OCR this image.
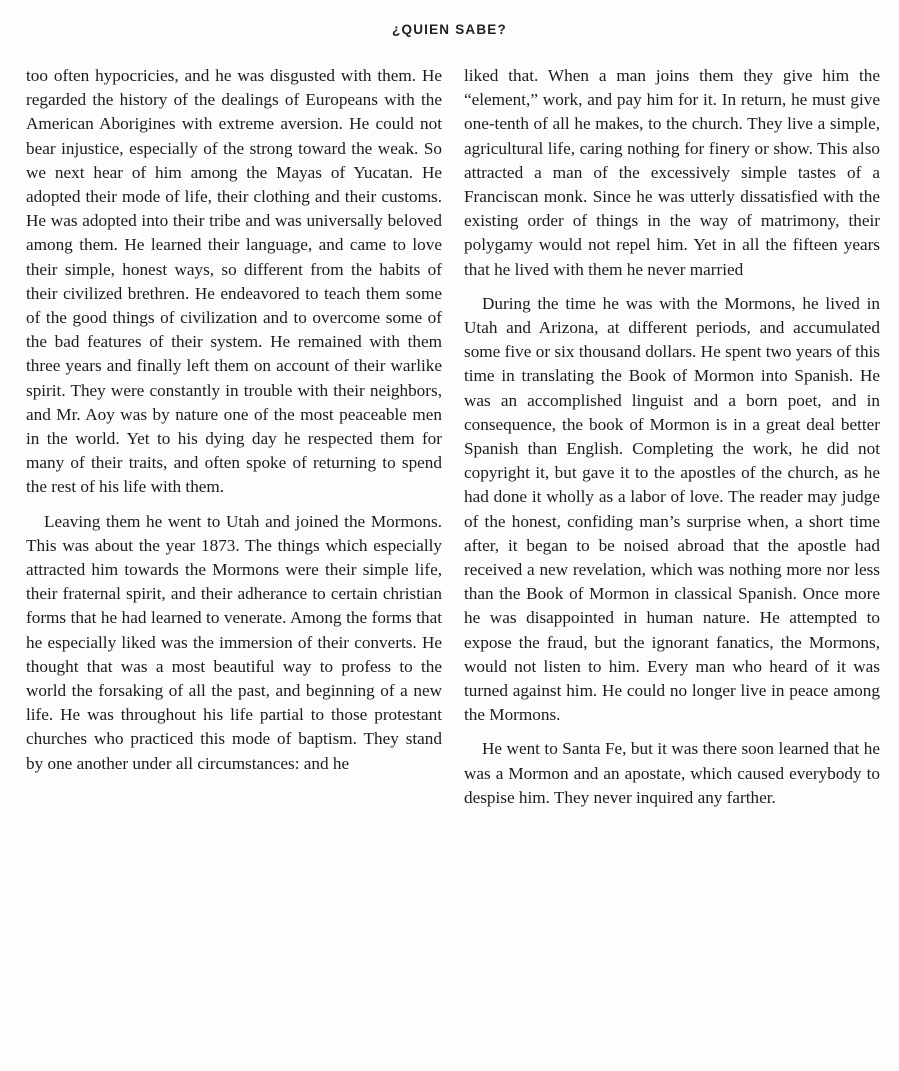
¿QUIEN SABE?

too often hypocricies, and he was disgusted with them. He regarded the history of the dealings of Europeans with the American Aborigines with extreme aversion. He could not bear injustice, especially of the strong toward the weak. So we next hear of him among the Mayas of Yucatan. He adopted their mode of life, their clothing and their customs. He was adopted into their tribe and was universally beloved among them. He learned their language, and came to love their simple, honest ways, so different from the habits of their civilized brethren. He endeavored to teach them some of the good things of civilization and to overcome some of the bad features of their system. He remained with them three years and finally left them on account of their warlike spirit. They were constantly in trouble with their neighbors, and Mr. Aoy was by nature one of the most peaceable men in the world. Yet to his dying day he respected them for many of their traits, and often spoke of returning to spend the rest of his life with them.

Leaving them he went to Utah and joined the Mormons. This was about the year 1873. The things which especially attracted him towards the Mormons were their simple life, their fraternal spirit, and their adherance to certain christian forms that he had learned to venerate. Among the forms that he especially liked was the immersion of their converts. He thought that was a most beautiful way to profess to the world the forsaking of all the past, and beginning of a new life. He was throughout his life partial to those protestant churches who practiced this mode of baptism. They stand by one another under all circumstances: and he

liked that. When a man joins them they give him the “element,” work, and pay him for it. In return, he must give one-tenth of all he makes, to the church. They live a simple, agricultural life, caring nothing for finery or show. This also attracted a man of the excessively simple tastes of a Franciscan monk. Since he was utterly dissatisfied with the existing order of things in the way of matrimony, their polygamy would not repel him. Yet in all the fifteen years that he lived with them he never married

During the time he was with the Mormons, he lived in Utah and Arizona, at different periods, and accumulated some five or six thousand dollars. He spent two years of this time in translating the Book of Mormon into Spanish. He was an accomplished linguist and a born poet, and in consequence, the book of Mormon is in a great deal better Spanish than English. Completing the work, he did not copyright it, but gave it to the apostles of the church, as he had done it wholly as a labor of love. The reader may judge of the honest, confiding man’s surprise when, a short time after, it began to be noised abroad that the apostle had received a new revelation, which was nothing more nor less than the Book of Mormon in classical Spanish. Once more he was disappointed in human nature. He attempted to expose the fraud, but the ignorant fanatics, the Mormons, would not listen to him. Every man who heard of it was turned against him. He could no longer live in peace among the Mormons.

He went to Santa Fe, but it was there soon learned that he was a Mormon and an apostate, which caused everybody to despise him. They never inquired any farther.
